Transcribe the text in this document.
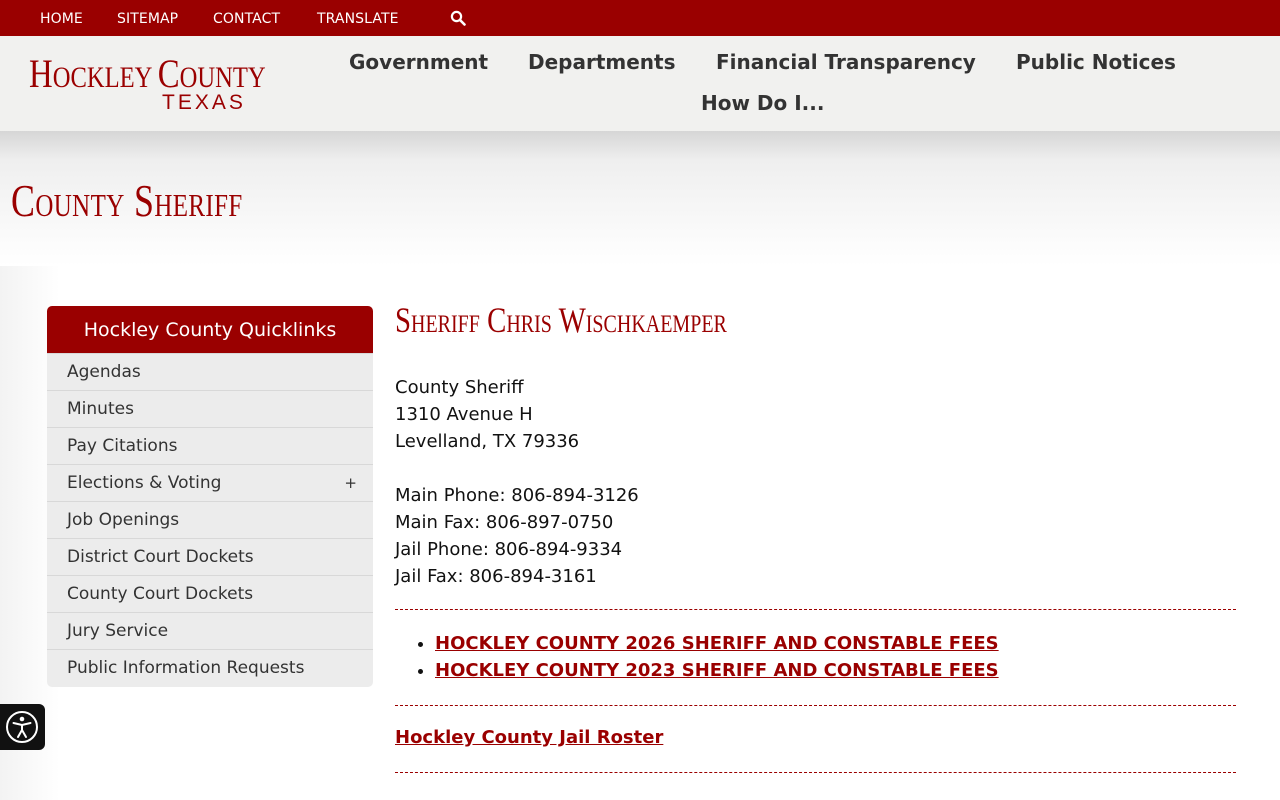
HOME SITEMAP CONTACT	TRANSLATE
HOCKLEY COUNTY
TEXAS
Government Departments Financial Transparency Public Notices
How Do I...
County Sheriff
Hockley County Quicklinks
Agendas
Minutes
Pay Citations
Elections & Voting	+
Job Openings
District Court Dockets
County Court Dockets
Jury Service
Public Information Requests
Sheriff Chris Wischkaemper
County Sheriff
1310 Avenue H
Levelland, TX 79336
Main Phone: 806-894-3126
Main Fax: 806-897-0750
Jail Phone: 806-894-9334
Jail Fax: 806-894-3161
• HOCKLEY COUNTY 2026 SHERIFF AND CONSTABLE FEES
• HOCKLEY COUNTY 2023 SHERIFF AND CONSTABLE FEES
Hockley County Jail Roster
